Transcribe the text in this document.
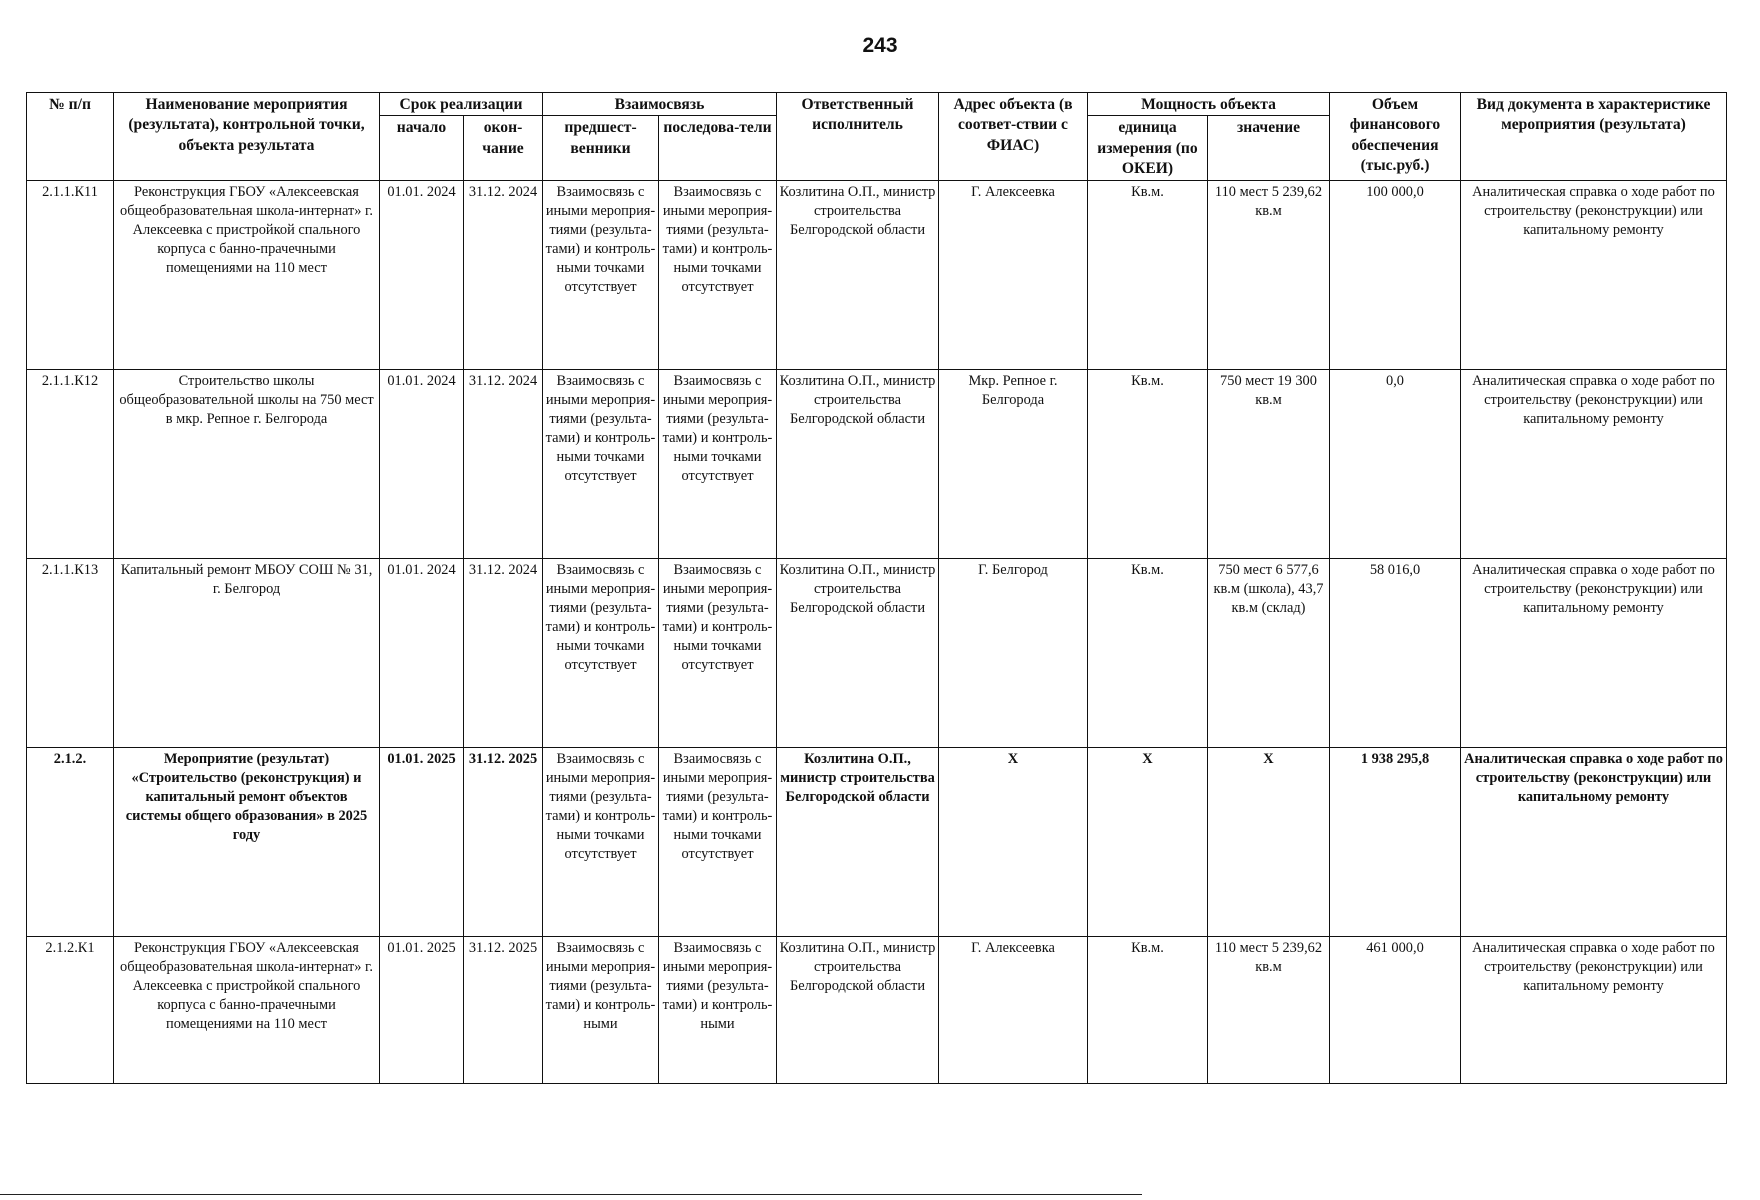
243
№ п/п	Наименование мероприятия (результата), контрольной точки, объекта результата	Срок реализации		Взаимосвязь		Ответственный исполнитель	Адрес объекта (в соответ-ствии с ФИАС)	Мощность объекта		Объем финансового обеспечения (тыс.руб.)	Вид документа в характеристике мероприятия (результата)
		начало	окон-чание	предшест-венники	последова-тели			единица измерения (по ОКЕИ)	значение		
2.1.1.К11	Реконструкция ГБОУ «Алексеевская общеобразовательная школа-интернат» г. Алексеевка с пристройкой спального корпуса с банно-прачечными помещениями на 110 мест	01.01. 2024	31.12. 2024	Взаимосвязь с иными мероприя-тиями (результа-тами) и контроль-ными точками отсутствует	Взаимосвязь с иными мероприя-тиями (результа-тами) и контроль-ными точками отсутствует	Козлитина О.П., министр строительства Белгородской области	Г. Алексеевка	Кв.м.	110 мест 5 239,62 кв.м	100 000,0	Аналитическая справка о ходе работ по строительству (реконструкции) или капитальному ремонту
2.1.1.К12	Строительство школы общеобразовательной школы на 750 мест в мкр. Репное г. Белгорода	01.01. 2024	31.12. 2024	Взаимосвязь с иными мероприя-тиями (результа-тами) и контроль-ными точками отсутствует	Взаимосвязь с иными мероприя-тиями (результа-тами) и контроль-ными точками отсутствует	Козлитина О.П., министр строительства Белгородской области	Мкр. Репное г. Белгорода	Кв.м.	750 мест 19 300 кв.м	0,0	Аналитическая справка о ходе работ по строительству (реконструкции) или капитальному ремонту
2.1.1.К13	Капитальный ремонт МБОУ СОШ № 31, г. Белгород	01.01. 2024	31.12. 2024	Взаимосвязь с иными мероприя-тиями (результа-тами) и контроль-ными точками отсутствует	Взаимосвязь с иными мероприя-тиями (результа-тами) и контроль-ными точками отсутствует	Козлитина О.П., министр строительства Белгородской области	Г. Белгород	Кв.м.	750 мест 6 577,6 кв.м (школа), 43,7 кв.м (склад)	58 016,0	Аналитическая справка о ходе работ по строительству (реконструкции) или капитальному ремонту
2.1.2.	Мероприятие (результат) «Строительство (реконструкция) и капитальный ремонт объектов системы общего образования» в 2025 году	01.01. 2025	31.12. 2025	Взаимосвязь с иными мероприя-тиями (результа-тами) и контроль-ными точками отсутствует	Взаимосвязь с иными мероприя-тиями (результа-тами) и контроль-ными точками отсутствует	Козлитина О.П., министр строительства Белгородской области	Х	Х	Х	1 938 295,8	Аналитическая справка о ходе работ по строительству (реконструкции) или капитальному ремонту
2.1.2.К1	Реконструкция ГБОУ «Алексеевская общеобразовательная школа-интернат» г. Алексеевка с пристройкой спального корпуса с банно-прачечными помещениями на 110 мест	01.01. 2025	31.12. 2025	Взаимосвязь с иными мероприя-тиями (результа-тами) и контроль-ными	Взаимосвязь с иными мероприя-тиями (результа-тами) и контроль-ными	Козлитина О.П., министр строительства Белгородской области	Г. Алексеевка	Кв.м.	110 мест 5 239,62 кв.м	461 000,0	Аналитическая справка о ходе работ по строительству (реконструкции) или капитальному ремонту
